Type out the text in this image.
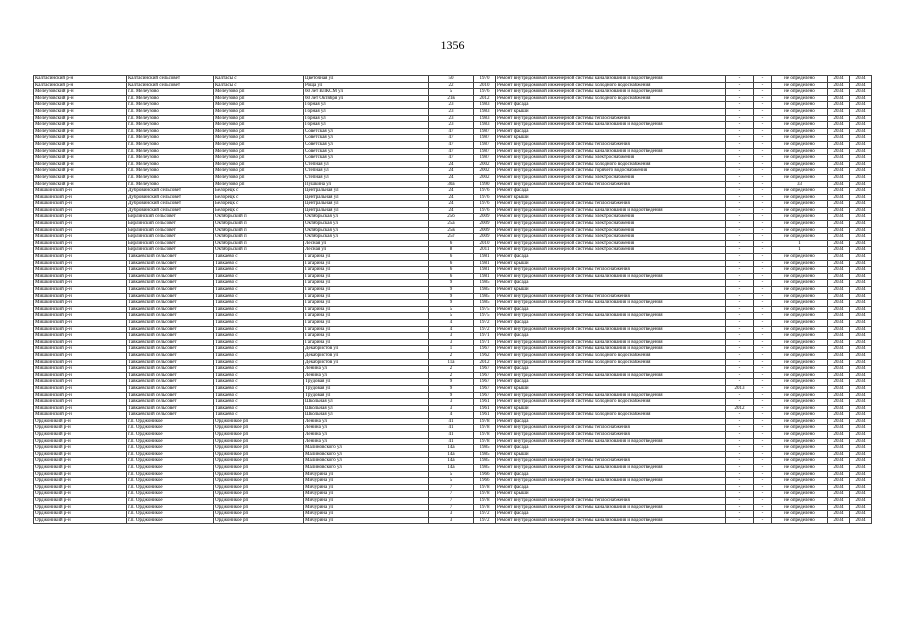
1356
Калтасинский р-н	Калтасинский сельсовет	Калтасы с	Цветочная ул	50	1970	Ремонт внутридомовой инженерной системы канализования и водоотведения	-	-	не определено	2034	2034
Калтасинский р-н	Калтасинский сельсовет	Калтасы с	Роща ул	22	2010	Ремонт внутридомовой инженерной системы холодного водоснабжения	-	-	не определено	2034	2034
Мелеузовский р-н	г.п. Мелеузово	Мелеузово рп	60 лет ВЛКСМ ул	5	1976	Ремонт внутридомовой инженерной системы канализования и водоотведения	-	-	не определено	2034	2034
Мелеузовский р-н	г.п. Мелеузово	Мелеузово рп	60 лет Октября ул	21в	2012	Ремонт внутридомовой инженерной системы холодного водоснабжения	-	-	не определено	2034	2034
Мелеузовский р-н	г.п. Мелеузово	Мелеузово рп	Горная ул	23	1983	Ремонт фасада	-	-	не определено	2034	2034
Мелеузовский р-н	г.п. Мелеузово	Мелеузово рп	Горная ул	23	1983	Ремонт крыши	-	-	не определено	2034	2034
Мелеузовский р-н	г.п. Мелеузово	Мелеузово рп	Горная ул	23	1983	Ремонт внутридомовой инженерной системы теплоснабжения	-	-	не определено	2034	2034
Мелеузовский р-н	г.п. Мелеузово	Мелеузово рп	Горная ул	23	1983	Ремонт внутридомовой инженерной системы канализования и водоотведения	-	-	не определено	2034	2034
Мелеузовский р-н	г.п. Мелеузово	Мелеузово рп	Советская ул	47	1987	Ремонт фасада	-	-	не определено	2034	2034
Мелеузовский р-н	г.п. Мелеузово	Мелеузово рп	Советская ул	47	1987	Ремонт крыши	-	-	не определено	2034	2034
Мелеузовский р-н	г.п. Мелеузово	Мелеузово рп	Советская ул	47	1987	Ремонт внутридомовой инженерной системы теплоснабжения	-	-	не определено	2034	2034
Мелеузовский р-н	г.п. Мелеузово	Мелеузово рп	Советская ул	47	1987	Ремонт внутридомовой инженерной системы канализования и водоотведения	-	-	не определено	2034	2034
Мелеузовский р-н	г.п. Мелеузово	Мелеузово рп	Советская ул	47	1987	Ремонт внутридомовой инженерной системы электроснабжения	-	-	не определено	2034	2034
Мелеузовский р-н	г.п. Мелеузово	Мелеузово рп	Степная ул	24	2002	Ремонт внутридомовой инженерной системы холодного водоснабжения	-	-	не определено	2034	2034
Мелеузовский р-н	г.п. Мелеузово	Мелеузово рп	Степная ул	24	2002	Ремонт внутридомовой инженерной системы горячего водоснабжения	-	-	не определено	2034	2034
Мелеузовский р-н	г.п. Мелеузово	Мелеузово рп	Степная ул	24	2002	Ремонт внутридомовой инженерной системы электроснабжения	-	-	не определено	2034	2034
Мелеузовский р-н	г.п. Мелеузово	Мелеузово рп	Пушкина ул	30а	1990	Ремонт внутридомовой инженерной системы теплоснабжения	-	-	33	2034	2034
Мишкинский р-н	Дубровинский сельсовет	Белорецк с	Центральная ул	24	1976	Ремонт фасада	-	-	не определено	2034	2034
Мишкинский р-н	Дубровинский сельсовет	Белорецк с	Центральная ул	24	1976	Ремонт крыши	-	-	не определено	2034	2034
Мишкинский р-н	Дубровинский сельсовет	Белорецк с	Центральная ул	24	1976	Ремонт внутридомовой инженерной системы теплоснабжения	-	-	не определено	2034	2034
Мишкинский р-н	Дубровинский сельсовет	Белорецк с	Центральная ул	24	1976	Ремонт внутридомовой инженерной системы канализования и водоотведения	-	-	не определено	2034	2034
Мишкинский р-н	Бирлинский сельсовет	Октябрьский п	Октябрьская ул	25б	2009	Ремонт внутридомовой инженерной системы электроснабжения	-	-	не определено	2034	2034
Мишкинский р-н	Бирлинский сельсовет	Октябрьский п	Октябрьская ул	25а	2009	Ремонт внутридомовой инженерной системы электроснабжения	-	-	не определено	2034	2034
Мишкинский р-н	Бирлинский сельсовет	Октябрьский п	Октябрьская ул	25в	2009	Ремонт внутридомовой инженерной системы электроснабжения	-	-	не определено	2034	2034
Мишкинский р-н	Бирлинский сельсовет	Октябрьский п	Октябрьская ул	25г	2009	Ремонт внутридомовой инженерной системы электроснабжения	-	-	не определено	2034	2034
Мишкинский р-н	Бирлинский сельсовет	Октябрьский п	Лесная ул	6	2010	Ремонт внутридомовой инженерной системы электроснабжения	-	-	1	2034	2034
Мишкинский р-н	Бирлинский сельсовет	Октябрьский п	Лесная ул	8	2011	Ремонт внутридомовой инженерной системы электроснабжения	-	-	1	2034	2034
Мишкинский р-н	Тавкаевский сельсовет	Тавкаево с	Гагарина ул	6	1981	Ремонт фасада	-	-	не определено	2034	2034
Мишкинский р-н	Тавкаевский сельсовет	Тавкаево с	Гагарина ул	6	1981	Ремонт крыши	-	-	не определено	2034	2034
Мишкинский р-н	Тавкаевский сельсовет	Тавкаево с	Гагарина ул	6	1981	Ремонт внутридомовой инженерной системы теплоснабжения	-	-	не определено	2034	2034
Мишкинский р-н	Тавкаевский сельсовет	Тавкаево с	Гагарина ул	6	1981	Ремонт внутридомовой инженерной системы канализования и водоотведения	-	-	не определено	2034	2034
Мишкинский р-н	Тавкаевский сельсовет	Тавкаево с	Гагарина ул	9	1985	Ремонт фасада	-	-	не определено	2034	2034
Мишкинский р-н	Тавкаевский сельсовет	Тавкаево с	Гагарина ул	9	1985	Ремонт крыши	-	-	не определено	2034	2034
Мишкинский р-н	Тавкаевский сельсовет	Тавкаево с	Гагарина ул	9	1985	Ремонт внутридомовой инженерной системы теплоснабжения	-	-	не определено	2034	2034
Мишкинский р-н	Тавкаевский сельсовет	Тавкаево с	Гагарина ул	9	1985	Ремонт внутридомовой инженерной системы канализования и водоотведения	-	-	не определено	2034	2034
Мишкинский р-н	Тавкаевский сельсовет	Тавкаево с	Гагарина ул	5	1975	Ремонт фасада	-	-	не определено	2034	2034
Мишкинский р-н	Тавкаевский сельсовет	Тавкаево с	Гагарина ул	5	1975	Ремонт внутридомовой инженерной системы канализования и водоотведения	-	-	не определено	2034	2034
Мишкинский р-н	Тавкаевский сельсовет	Тавкаево с	Гагарина ул	4	1972	Ремонт фасада	-	-	не определено	2034	2034
Мишкинский р-н	Тавкаевский сельсовет	Тавкаево с	Гагарина ул	4	1972	Ремонт внутридомовой инженерной системы канализования и водоотведения	-	-	не определено	2034	2034
Мишкинский р-н	Тавкаевский сельсовет	Тавкаево с	Гагарина ул	3	1971	Ремонт фасада	-	-	не определено	2034	2034
Мишкинский р-н	Тавкаевский сельсовет	Тавкаево с	Гагарина ул	3	1971	Ремонт внутридомовой инженерной системы канализования и водоотведения	-	-	не определено	2034	2034
Мишкинский р-н	Тавкаевский сельсовет	Тавкаево с	Декабристов ул	1	1967	Ремонт внутридомовой инженерной системы канализования и водоотведения	-	-	не определено	2034	2034
Мишкинский р-н	Тавкаевский сельсовет	Тавкаево с	Декабристов ул	2	1962	Ремонт внутридомовой инженерной системы холодного водоснабжения	-	-	не определено	2034	2034
Мишкинский р-н	Тавкаевский сельсовет	Тавкаево с	Декабристов ул	11а	2012	Ремонт внутридомовой инженерной системы холодного водоснабжения	-	-	не определено	2034	2034
Мишкинский р-н	Тавкаевский сельсовет	Тавкаево с	Ленина ул	2	1967	Ремонт фасада	-	-	не определено	2034	2034
Мишкинский р-н	Тавкаевский сельсовет	Тавкаево с	Ленина ул	2	1967	Ремонт внутридомовой инженерной системы канализования и водоотведения	-	-	не определено	2034	2034
Мишкинский р-н	Тавкаевский сельсовет	Тавкаево с	Трудовая ул	9	1967	Ремонт фасада	-	-	не определено	2034	2034
Мишкинский р-н	Тавкаевский сельсовет	Тавкаево с	Трудовая ул	9	1967	Ремонт крыши	2013	-	не определено	2034	2034
Мишкинский р-н	Тавкаевский сельсовет	Тавкаево с	Трудовая ул	9	1967	Ремонт внутридомовой инженерной системы канализования и водоотведения	-	-	не определено	2034	2034
Мишкинский р-н	Тавкаевский сельсовет	Тавкаево с	Школьная ул	3	1961	Ремонт внутридомовой инженерной системы холодного водоснабжения	-	-	не определено	2034	2034
Мишкинский р-н	Тавкаевский сельсовет	Тавкаево с	Школьная ул	3	1961	Ремонт крыши	2012	-	не определено	2034	2034
Мишкинский р-н	Тавкаевский сельсовет	Тавкаево с	Школьная ул	4	1961	Ремонт внутридомовой инженерной системы холодного водоснабжения	-	-	не определено	2034	2034
Орджоникий р-н	г.п. Орджоникое	Орджоникое рп	Ленина ул	41	1978	Ремонт фасада	-	-	не определено	2034	2034
Орджоникий р-н	г.п. Орджоникое	Орджоникое рп	Ленина ул	41	1978	Ремонт внутридомовой инженерной системы теплоснабжения	-	-	не определено	2034	2034
Орджоникий р-н	г.п. Орджоникое	Орджоникое рп	Ленина ул	41	1978	Ремонт внутридомовой инженерной системы теплоснабжения	-	-	не определено	2034	2034
Орджоникий р-н	г.п. Орджоникое	Орджоникое рп	Ленина ул	41	1978	Ремонт внутридомовой инженерной системы канализования и водоотведения	-	-	не определено	2034	2034
Орджоникий р-н	г.п. Орджоникое	Орджоникое рп	Малиновского ул	14а	1985	Ремонт фасада	-	-	не определено	2034	2034
Орджоникий р-н	г.п. Орджоникое	Орджоникое рп	Малиновского ул	14а	1985	Ремонт крыши	-	-	не определено	2034	2034
Орджоникий р-н	г.п. Орджоникое	Орджоникое рп	Малиновского ул	14а	1985	Ремонт внутридомовой инженерной системы теплоснабжения	-	-	не определено	2034	2034
Орджоникий р-н	г.п. Орджоникое	Орджоникое рп	Малиновского ул	14а	1985	Ремонт внутридомовой инженерной системы канализования и водоотведения	-	-	не определено	2034	2034
Орджоникий р-н	г.п. Орджоникое	Орджоникое рп	Мичурина ул	5	1966	Ремонт фасада	-	-	не определено	2034	2034
Орджоникий р-н	г.п. Орджоникое	Орджоникое рп	Мичурина ул	5	1966	Ремонт внутридомовой инженерной системы канализования и водоотведения	-	-	не определено	2034	2034
Орджоникий р-н	г.п. Орджоникое	Орджоникое рп	Мичурина ул	7	1978	Ремонт фасада	-	-	не определено	2034	2034
Орджоникий р-н	г.п. Орджоникое	Орджоникое рп	Мичурина ул	7	1978	Ремонт крыши	-	-	не определено	2034	2034
Орджоникий р-н	г.п. Орджоникое	Орджоникое рп	Мичурина ул	7	1978	Ремонт внутридомовой инженерной системы теплоснабжения	-	-	не определено	2034	2034
Орджоникий р-н	г.п. Орджоникое	Орджоникое рп	Мичурина ул	7	1978	Ремонт внутридомовой инженерной системы канализования и водоотведения	-	-	не определено	2034	2034
Орджоникий р-н	г.п. Орджоникое	Орджоникое рп	Мичурина ул	3	1972	Ремонт фасада	-	-	не определено	2034	2034
Орджоникий р-н	г.п. Орджоникое	Орджоникое рп	Мичурина ул	3	1972	Ремонт внутридомовой инженерной системы канализования и водоотведения	-	-	не определено	2034	2034
